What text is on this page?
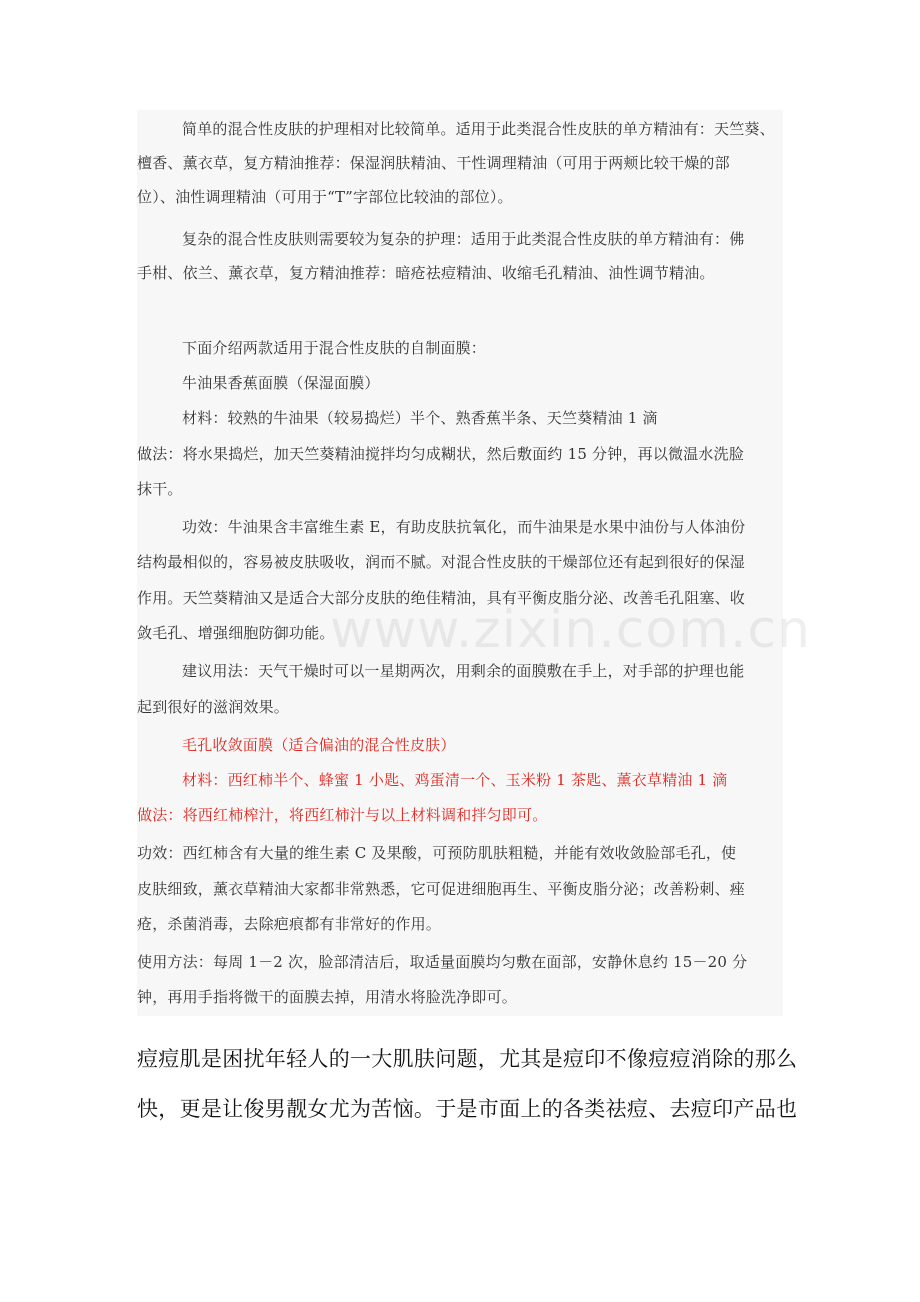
简单的混合性皮肤的护理相对比较简单。适用于此类混合性皮肤的单方精油有：天竺葵、
檀香、薰衣草，复方精油推荐：保湿润肤精油、干性调理精油（可用于两颊比较干燥的部
位）、油性调理精油（可用于“T”字部位比较油的部位）。
复杂的混合性皮肤则需要较为复杂的护理：适用于此类混合性皮肤的单方精油有：佛
手柑、依兰、薰衣草，复方精油推荐：暗疮祛痘精油、收缩毛孔精油、油性调节精油。
下面介绍两款适用于混合性皮肤的自制面膜：
牛油果香蕉面膜（保湿面膜）
材料：较熟的牛油果（较易捣烂）半个、熟香蕉半条、天竺葵精油 1 滴
做法：将水果捣烂，加天竺葵精油搅拌均匀成糊状，然后敷面约 15 分钟，再以微温水洗脸
抹干。
功效：牛油果含丰富维生素 E，有助皮肤抗氧化，而牛油果是水果中油份与人体油份
结构最相似的，容易被皮肤吸收，润而不腻。对混合性皮肤的干燥部位还有起到很好的保湿
作用。天竺葵精油又是适合大部分皮肤的绝佳精油，具有平衡皮脂分泌、改善毛孔阻塞、收
敛毛孔、增强细胞防御功能。
建议用法：天气干燥时可以一星期两次，用剩余的面膜敷在手上，对手部的护理也能
起到很好的滋润效果。
毛孔收敛面膜（适合偏油的混合性皮肤）
材料：西红柿半个、蜂蜜 1 小匙、鸡蛋清一个、玉米粉 1 茶匙、薰衣草精油 1 滴
做法：将西红柿榨汁，将西红柿汁与以上材料调和拌匀即可。
功效：西红柿含有大量的维生素 C 及果酸，可预防肌肤粗糙，并能有效收敛脸部毛孔，使
皮肤细致，薰衣草精油大家都非常熟悉，它可促进细胞再生、平衡皮脂分泌；改善粉刺、痤
疮，杀菌消毒，去除疤痕都有非常好的作用。
使用方法：每周 1－2 次，脸部清洁后，取适量面膜均匀敷在面部，安静休息约 15－20 分
钟，再用手指将微干的面膜去掉，用清水将脸洗净即可。
痘痘肌是困扰年轻人的一大肌肤问题，尤其是痘印不像痘痘消除的那么
快，更是让俊男靓女尤为苦恼。于是市面上的各类祛痘、去痘印产品也
www.zixin.com.cn
